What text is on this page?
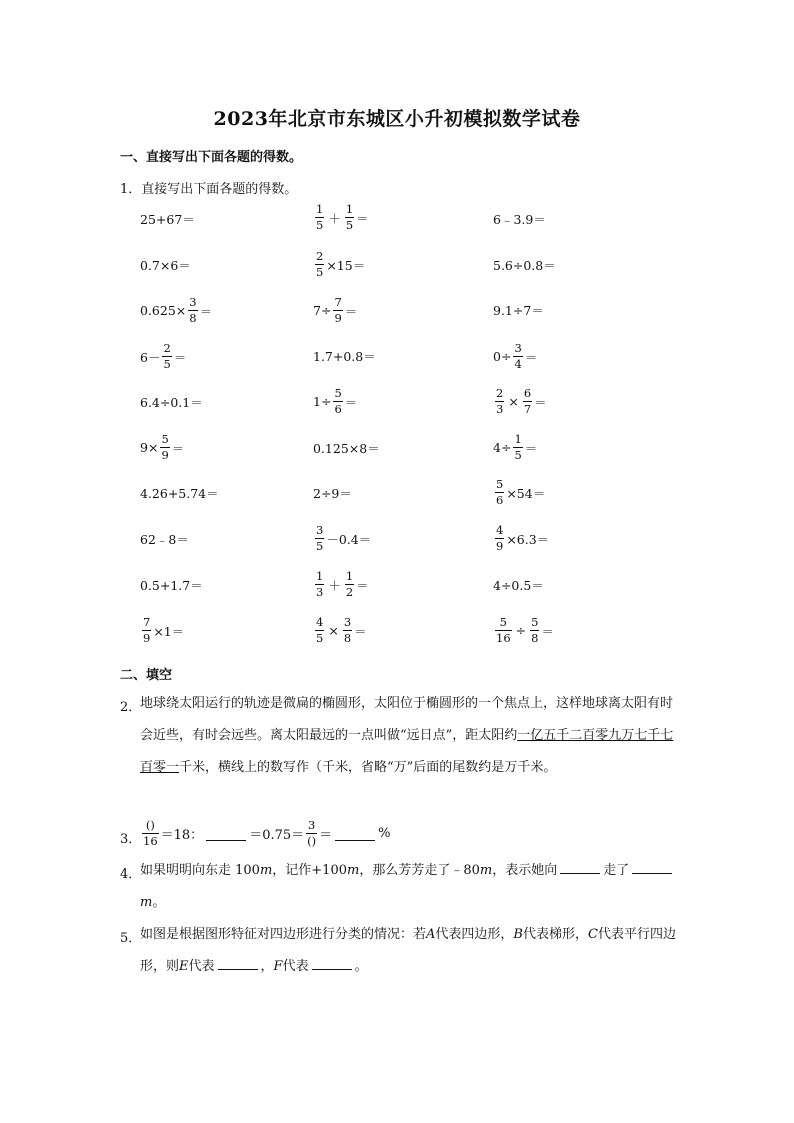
2023年北京市东城区小升初模拟数学试卷
一、直接写出下面各题的得数。
1．直接写出下面各题的得数。
25+67＝	$\frac{1}{5} + \frac{1}{5}$ ＝	6﹣3.9＝
0.7×6＝	$\frac{2}{5} \times 15=$	5.6÷0.8＝
$0.625\times \frac{3}{8}$ ＝	$7\div \frac{7}{9}$ ＝	9.1÷7＝
$6- \frac{2}{5}$ ＝	1.7+0.8＝	$0\div \frac{3}{4}$ ＝
6.4÷0.1＝	$1\div \frac{5}{6}$ ＝	$\frac{2}{3} \times \frac{6}{7}$ ＝
$9\times \frac{5}{9}$ ＝	0.125×8＝	$4\div \frac{1}{5}$ ＝
4.26+5.74＝	2÷9＝	$\frac{5}{6} \times 54=$
62﹣8＝	$\frac{3}{5} -0.4=$	$\frac{4}{9} \times 6.3=$
0.5+1.7＝	$\frac{1}{3} + \frac{1}{2}$ ＝	4÷0.5＝
$\frac{7}{9} \times 1=$	$\frac{4}{5} \times \frac{3}{8}$ ＝	$\frac{5}{16} \div \frac{5}{8}$ ＝
二、填空
2．
地球绕太阳运行的轨迹是微扁的椭圆形，太阳位于椭圆形的一个焦点上，这样地球离太阳有时会近些，有时会远些。离太阳最远的一点叫做“远日点”，距太阳约一亿五千二百零九万七千七百零一千米，横线上的数写作（千米，省略“万”后面的尾数约是万千米。
3． $\frac{()}{16} =18$：	$=0.75= \frac{3}{()}$ ＝	%
4．
如果明明向东走 100m，记作+100m，那么芳芳走了﹣80m，表示她向	走了m。
5．
如图是根据图形特征对四边形进行分类的情况：若A代表四边形，B代表梯形，C代表平行四边形，则E代表	，F代表	。
